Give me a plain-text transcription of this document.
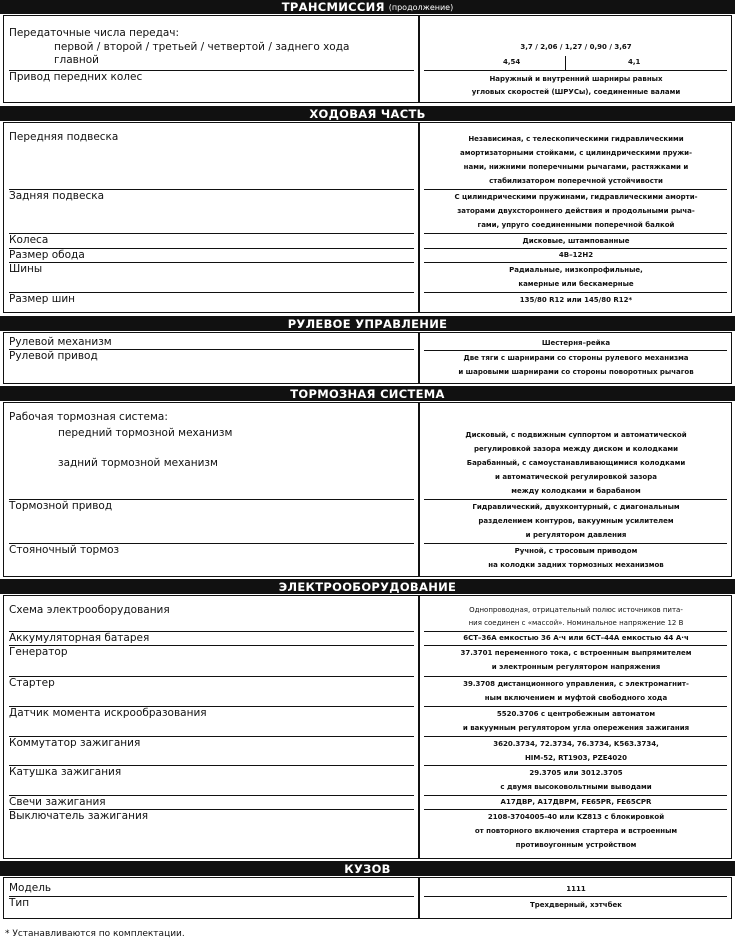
ТРАНСМИССИЯ (продолжение)
Передаточные числа передач:
первой / второй / третьей / четвертой / заднего хода
главной
Привод передних колес
3,7 / 2,06 / 1,27 / 0,90 / 3,67
4,54	4,1
Наружный и внутренний шарниры равных
угловых скоростей (ШРУСы), соединенные валами
ХОДОВАЯ ЧАСТЬ
Передняя подвеска
Задняя подвеска
Колеса
Размер обода
Шины
Размер шин
Независимая, с телескопическими гидравлическими
амортизаторными стойками, с цилиндрическими пружи-
нами, нижними поперечными рычагами, растяжками и
стабилизатором поперечной устойчивости
С цилиндрическими пружинами, гидравлическими аморти-
заторами двухстороннего действия и продольными рыча-
гами, упруго соединенными поперечной балкой
Дисковые, штампованные
4B–12H2
Радиальные, низкопрофильные,
камерные или бескамерные
135/80 R12 или 145/80 R12*
РУЛЕВОЕ УПРАВЛЕНИЕ
Рулевой механизм
Рулевой привод
Шестерня–рейка
Две тяги с шарнирами со стороны рулевого механизма
и шаровыми шарнирами со стороны поворотных рычагов
ТОРМОЗНАЯ СИСТЕМА
Рабочая тормозная система:
передний тормозной механизм
задний тормозной механизм
Тормозной привод
Стояночный тормоз
Дисковый, с подвижным суппортом и автоматической
регулировкой зазора между диском и колодками
Барабанный, с самоустанавливающимися колодками
и автоматической регулировкой зазора
между колодками и барабаном
Гидравлический, двухконтурный, с диагональным
разделением контуров, вакуумным усилителем
и регулятором давления
Ручной, с тросовым приводом
на колодки задних тормозных механизмов
ЭЛЕКТРООБОРУДОВАНИЕ
Схема электрооборудования
Аккумуляторная батарея
Генератор
Стартер
Датчик момента искрообразования
Коммутатор зажигания
Катушка зажигания
Свечи зажигания
Выключатель зажигания
Однопроводная, отрицательный полюс источников пита-
ния соединен с «массой». Номинальное напряжение 12 В
6СТ–36А емкостью 36 А·ч или 6СТ–44А емкостью 44 А·ч
37.3701 переменного тока, с встроенным выпрямителем
и электронным регулятором напряжения
39.3708 дистанционного управления, с электромагнит-
ным включением и муфтой свободного хода
5520.3706 с центробежным автоматом
и вакуумным регулятором угла опережения зажигания
3620.3734, 72.3734, 76.3734, K563.3734,
HIM-52, RT1903, PZE4020
29.3705 или 3012.3705
с двумя высоковольтными выводами
А17ДВР, А17ДВРМ, FE65PR, FE65CPR
2108-3704005-40 или KZ813 с блокировкой
от повторного включения стартера и встроенным
противоугонным устройством
КУЗОВ
Модель
Тип
1111
Трехдверный, хэтчбек
* Устанавливаются по комплектации.
